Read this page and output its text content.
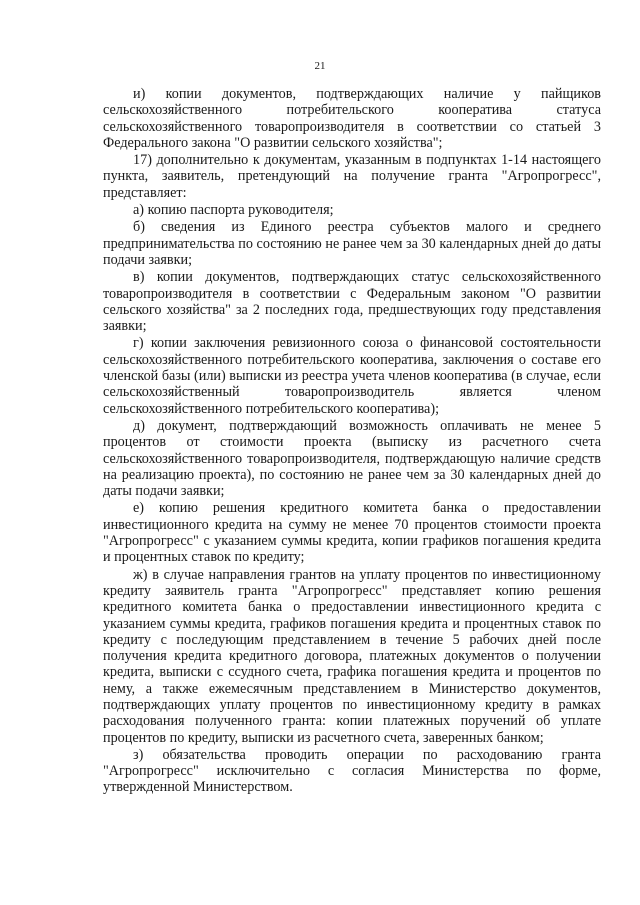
21

и) копии документов, подтверждающих наличие у пайщиков сельскохозяйственного потребительского кооператива статуса сельскохозяйственного товаропроизводителя в соответствии со статьей 3 Федерального закона "О развитии сельского хозяйства";

17) дополнительно к документам, указанным в подпунктах 1-14 настоящего пункта, заявитель, претендующий на получение гранта "Агропрогресс", представляет:

а) копию паспорта руководителя;

б) сведения из Единого реестра субъектов малого и среднего предпринимательства по состоянию не ранее чем за 30 календарных дней до даты подачи заявки;

в) копии документов, подтверждающих статус сельскохозяйственного товаропроизводителя в соответствии с Федеральным законом "О развитии сельского хозяйства" за 2 последних года, предшествующих году представления заявки;

г) копии заключения ревизионного союза о финансовой состоятельности сельскохозяйственного потребительского кооператива, заключения о составе его членской базы (или) выписки из реестра учета членов кооператива (в случае, если сельскохозяйственный товаропроизводитель является членом сельскохозяйственного потребительского кооператива);

д) документ, подтверждающий возможность оплачивать не менее 5 процентов от стоимости проекта (выписку из расчетного счета сельскохозяйственного товаропроизводителя, подтверждающую наличие средств на реализацию проекта), по состоянию не ранее чем за 30 календарных дней до даты подачи заявки;

е) копию решения кредитного комитета банка о предоставлении инвестиционного кредита на сумму не менее 70 процентов стоимости проекта "Агропрогресс" с указанием суммы кредита, копии графиков погашения кредита и процентных ставок по кредиту;

ж) в случае направления грантов на уплату процентов по инвестиционному кредиту заявитель гранта "Агропрогресс" представляет копию решения кредитного комитета банка о предоставлении инвестиционного кредита с указанием суммы кредита, графиков погашения кредита и процентных ставок по кредиту с последующим представлением в течение 5 рабочих дней после получения кредита кредитного договора, платежных документов о получении кредита, выписки с ссудного счета, графика погашения кредита и процентов по нему, а также ежемесячным представлением в Министерство документов, подтверждающих уплату процентов по инвестиционному кредиту в рамках расходования полученного гранта: копии платежных поручений об уплате процентов по кредиту, выписки из расчетного счета, заверенных банком;

з) обязательства проводить операции по расходованию гранта "Агропрогресс" исключительно с согласия Министерства по форме, утвержденной Министерством.
